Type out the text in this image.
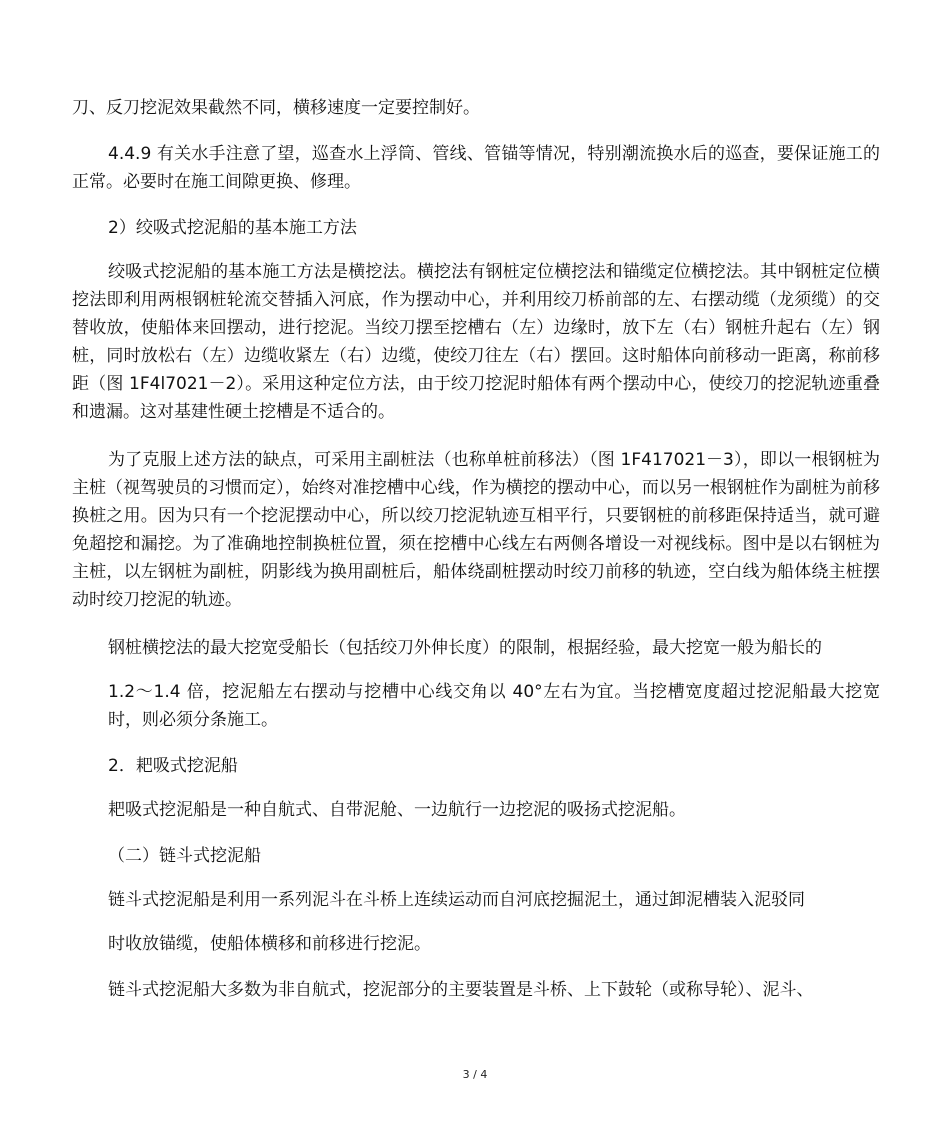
刀、反刀挖泥效果截然不同，横移速度一定要控制好。

4.4.9 有关水手注意了望，巡查水上浮筒、管线、管锚等情况，特别潮流换水后的巡查，要保证施工的正常。必要时在施工间隙更换、修理。

2）绞吸式挖泥船的基本施工方法

绞吸式挖泥船的基本施工方法是横挖法。横挖法有钢桩定位横挖法和锚缆定位横挖法。其中钢桩定位横挖法即利用两根钢桩轮流交替插入河底，作为摆动中心，并利用绞刀桥前部的左、右摆动缆（龙须缆）的交替收放，使船体来回摆动，进行挖泥。当绞刀摆至挖槽右（左）边缘时，放下左（右）钢桩升起右（左）钢桩，同时放松右（左）边缆收紧左（右）边缆，使绞刀往左（右）摆回。这时船体向前移动一距离，称前移距（图 1F4l7021－2）。采用这种定位方法，由于绞刀挖泥时船体有两个摆动中心，使绞刀的挖泥轨迹重叠和遗漏。这对基建性硬土挖槽是不适合的。

为了克服上述方法的缺点，可采用主副桩法（也称单桩前移法）（图 1F417021－3），即以一根钢桩为主桩（视驾驶员的习惯而定），始终对准挖槽中心线，作为横挖的摆动中心，而以另一根钢桩作为副桩为前移换桩之用。因为只有一个挖泥摆动中心，所以绞刀挖泥轨迹互相平行，只要钢桩的前移距保持适当，就可避免超挖和漏挖。为了准确地控制换桩位置，须在挖槽中心线左右两侧各增设一对视线标。图中是以右钢桩为主桩，以左钢桩为副桩，阴影线为换用副桩后，船体绕副桩摆动时绞刀前移的轨迹，空白线为船体绕主桩摆动时绞刀挖泥的轨迹。

钢桩横挖法的最大挖宽受船长（包括绞刀外伸长度）的限制，根据经验，最大挖宽一般为船长的

1.2～1.4 倍，挖泥船左右摆动与挖槽中心线交角以 40°左右为宜。当挖槽宽度超过挖泥船最大挖宽时，则必须分条施工。

2．耙吸式挖泥船

耙吸式挖泥船是一种自航式、自带泥舱、一边航行一边挖泥的吸扬式挖泥船。

（二）链斗式挖泥船

链斗式挖泥船是利用一系列泥斗在斗桥上连续运动而自河底挖掘泥土，通过卸泥槽装入泥驳同

时收放锚缆，使船体横移和前移进行挖泥。

链斗式挖泥船大多数为非自航式，挖泥部分的主要装置是斗桥、上下鼓轮（或称导轮）、泥斗、

3 / 4
